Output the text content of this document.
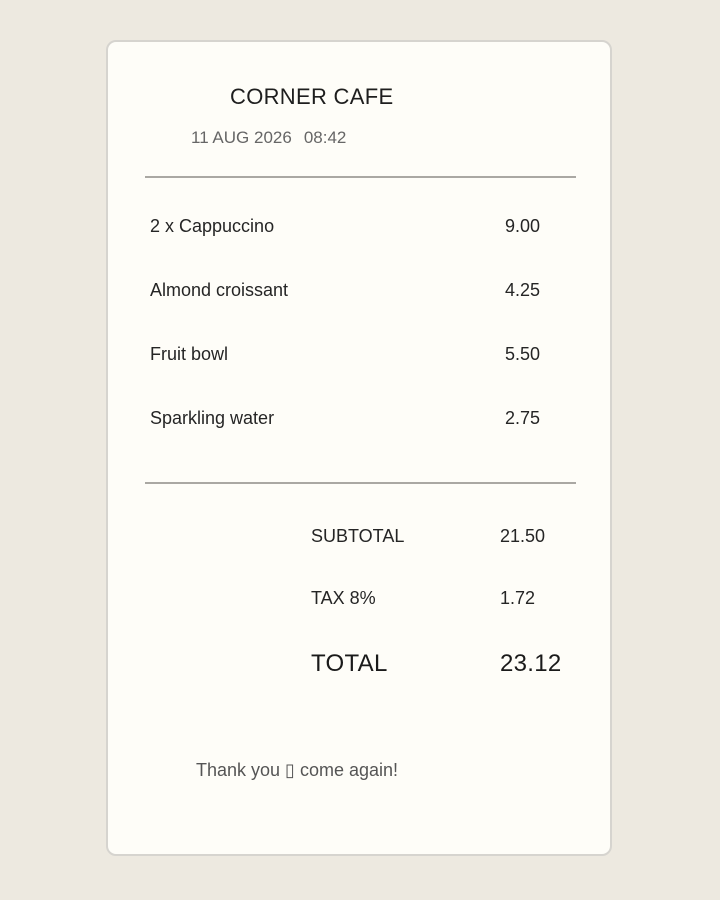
CORNER CAFE
11 AUG 2026 08:42
2 x Cappuccino	9.00
Almond croissant	4.25
Fruit bowl	5.50
Sparkling water	2.75
SUBTOTAL	21.50
TAX 8%	1.72
TOTAL	23.12
Thank you ▯ come again!
